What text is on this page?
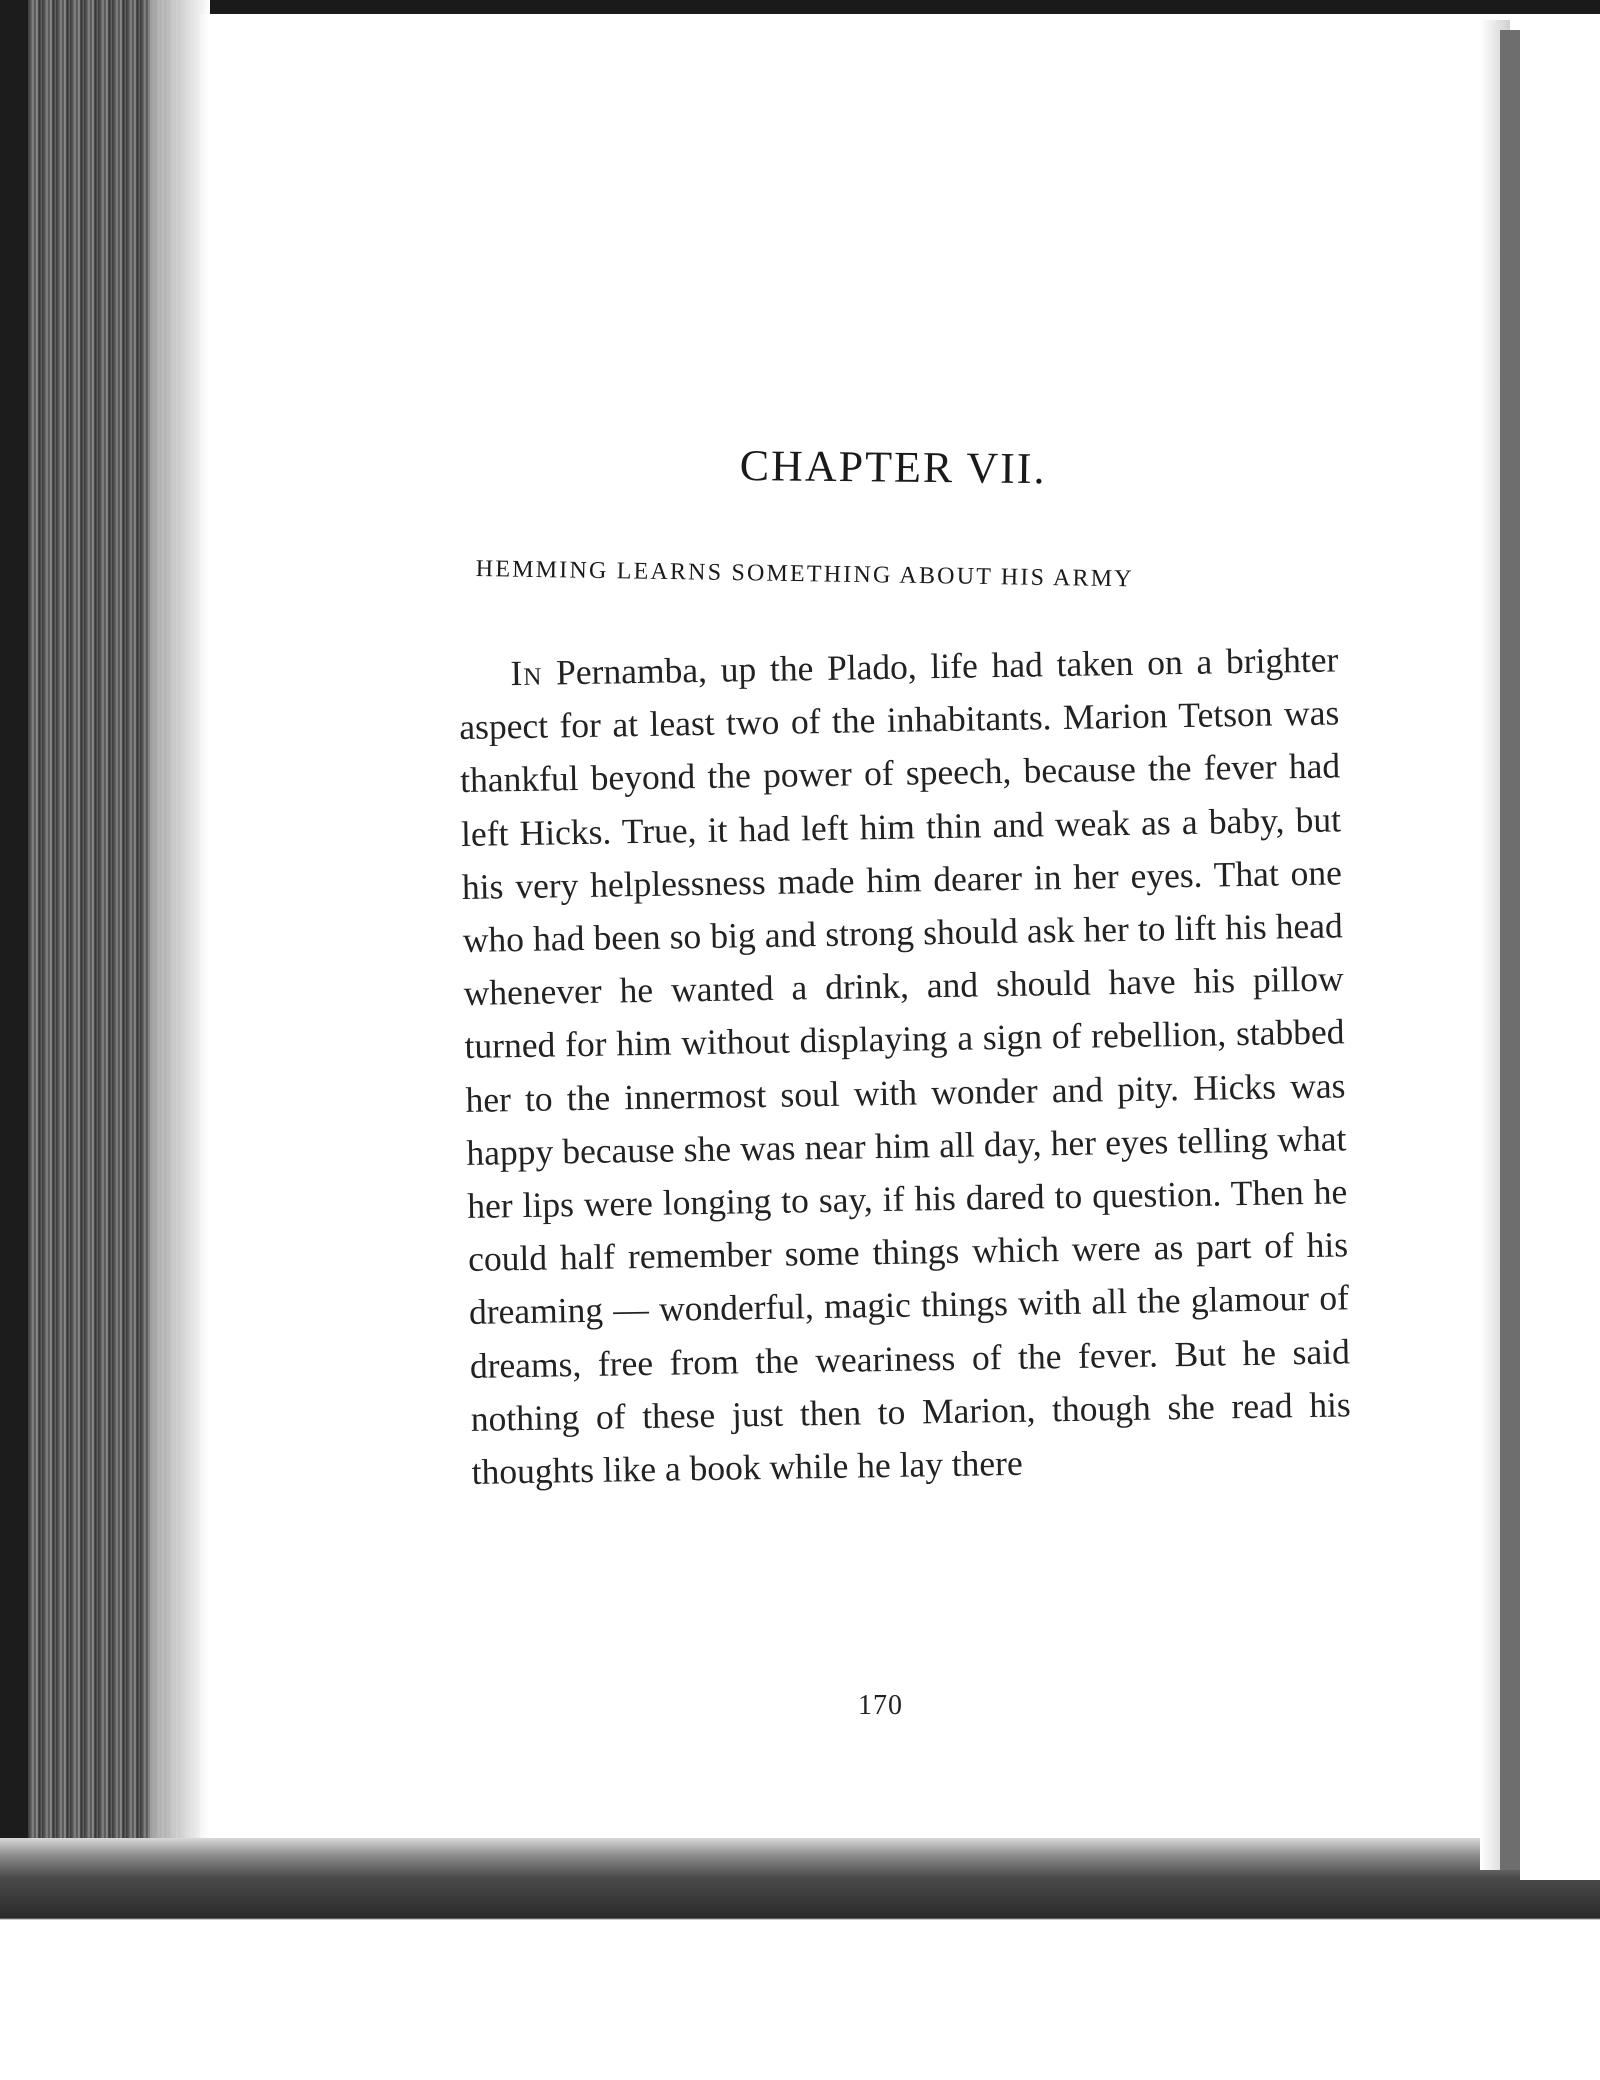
CHAPTER VII.
HEMMING LEARNS SOMETHING ABOUT HIS ARMY

In Pernamba, up the Plado, life had taken on a brighter aspect for at least two of the inhabitants. Marion Tetson was thankful beyond the power of speech, because the fever had left Hicks. True, it had left him thin and weak as a baby, but his very helplessness made him dearer in her eyes. That one who had been so big and strong should ask her to lift his head whenever he wanted a drink, and should have his pillow turned for him without displaying a sign of rebellion, stabbed her to the innermost soul with wonder and pity. Hicks was happy because she was near him all day, her eyes telling what her lips were longing to say, if his dared to question. Then he could half remember some things which were as part of his dreaming — wonderful, magic things with all the glamour of dreams, free from the weariness of the fever. But he said nothing of these just then to Marion, though she read his thoughts like a book while he lay there

170
